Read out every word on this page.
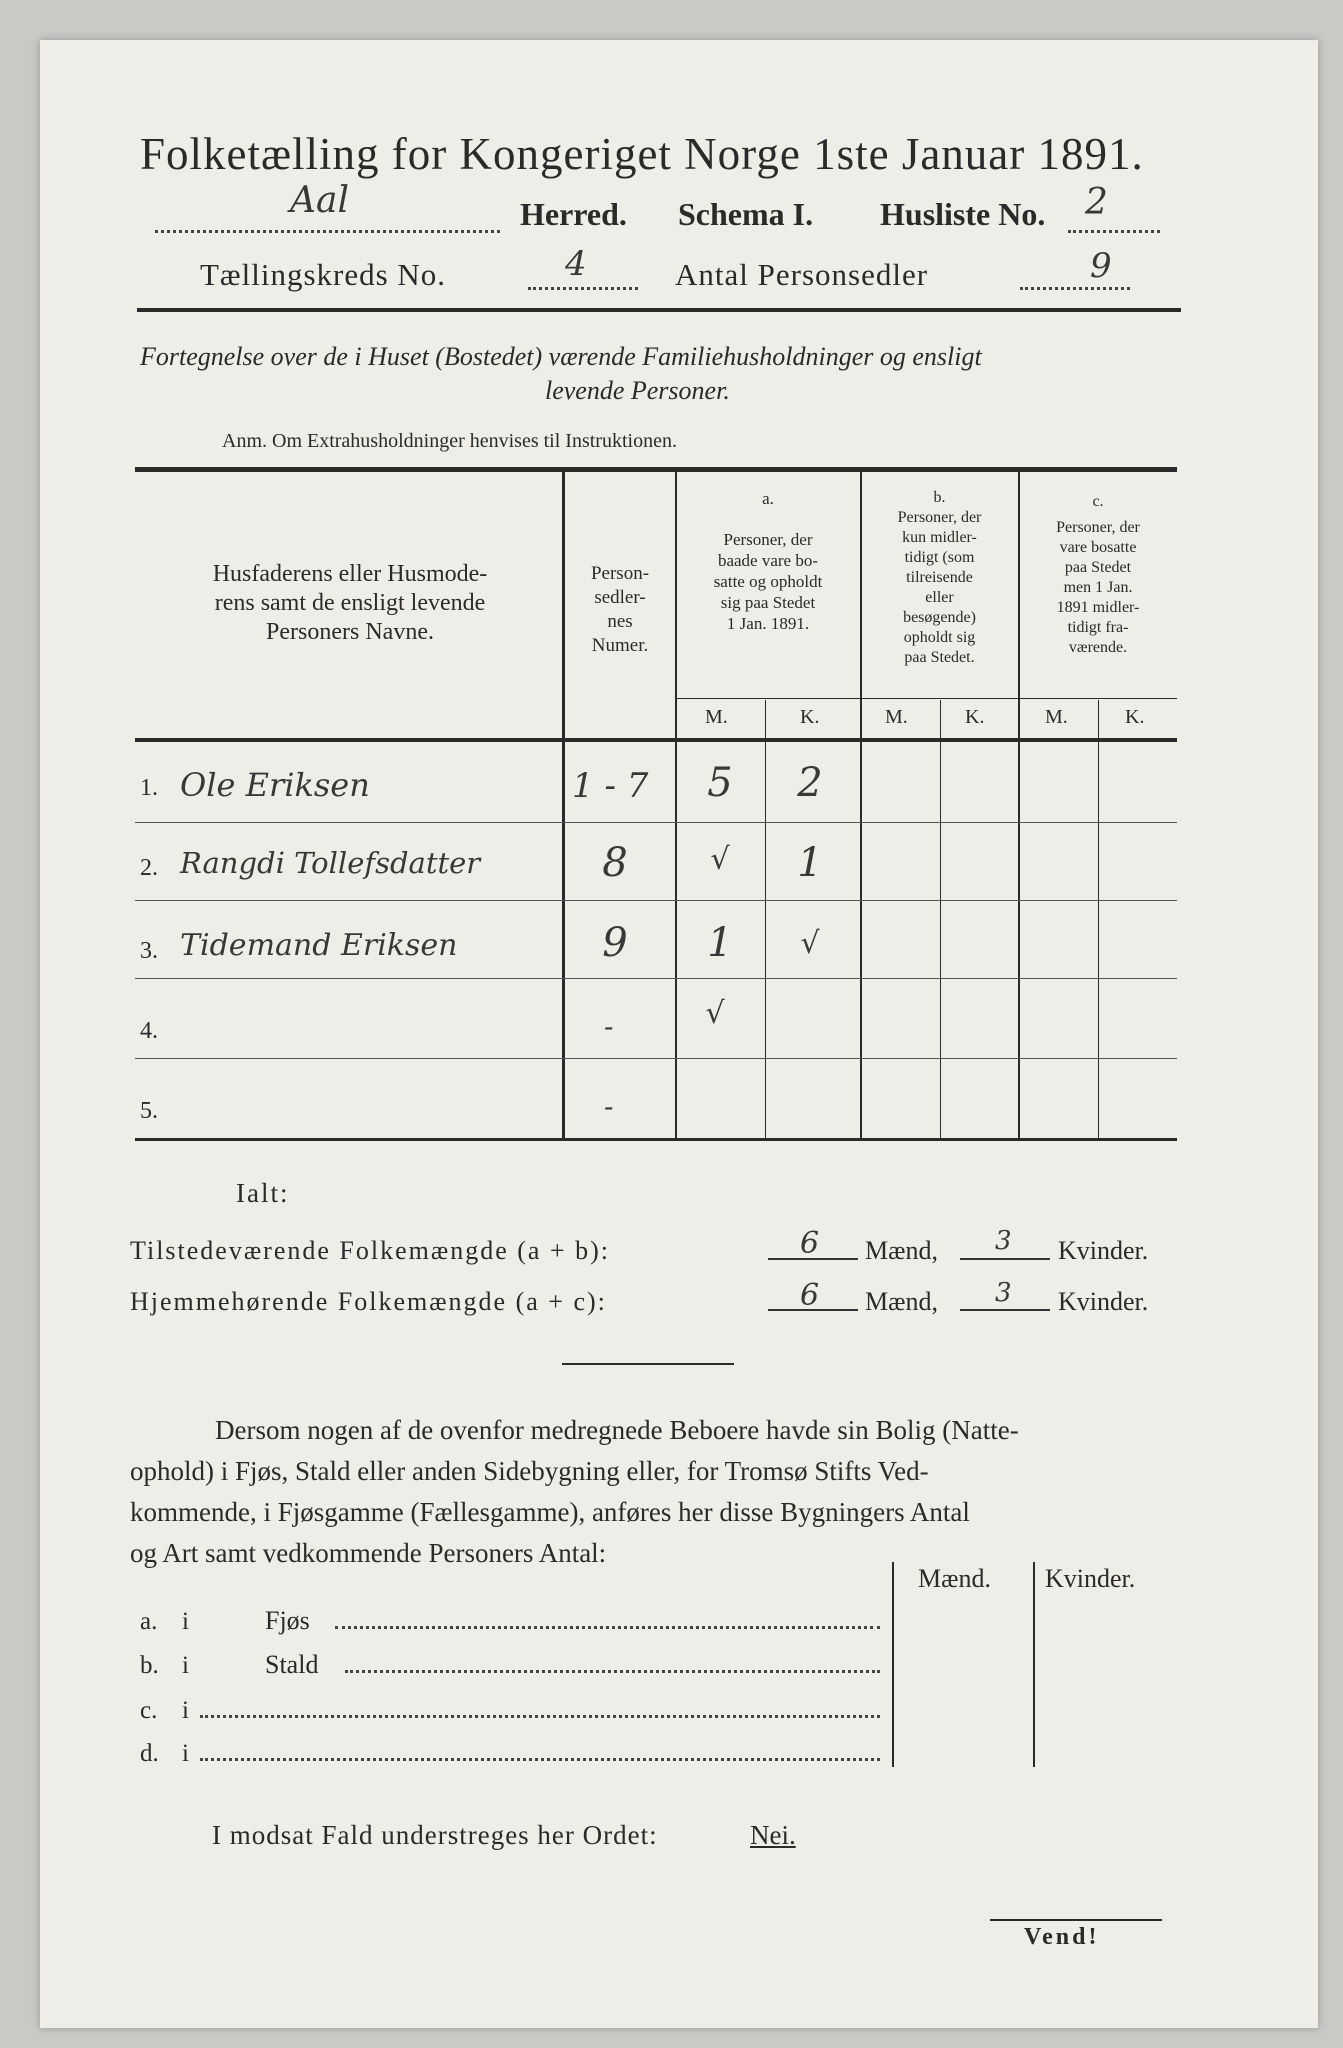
Folketælling for Kongeriget Norge 1ste Januar 1891.
Aal	Herred. Schema I. Husliste No. 2
Tællingskreds No.	4	Antal Personsedler	9
Fortegnelse over de i Huset (Bostedet) værende Familiehusholdninger og ensligt
levende Personer.
Anm. Om Extrahusholdninger henvises til Instruktionen.
Husfaderens eller Husmode-
rens samt de ensligt levende
Personers Navne.
Person-
sedler-
nes
Numer.
a.
Personer, der
baade vare bo-
satte og opholdt
sig paa Stedet
1 Jan. 1891.
b.
Personer, der
kun midler-
tidigt (som
tilreisende
eller
besøgende)
opholdt sig
paa Stedet.
c.
Personer, der
vare bosatte
paa Stedet
men 1 Jan.
1891 midler-
tidigt fra-
værende.
M.	K.	M.	K.	M.	K.
1. Ole Eriksen	1 - 7	5	2
2. Rangdi Tollefsdatter	8	√	1
3. Tidemand Eriksen	9	1	√
4.	-	√
5.	-
Ialt:
Tilstedeværende Folkemængde (a + b):	6 Mænd, 3 Kvinder.
Hjemmehørende Folkemængde (a + c):	6 Mænd, 3 Kvinder.
Dersom nogen af de ovenfor medregnede Beboere havde sin Bolig (Natte-
ophold) i Fjøs, Stald eller anden Sidebygning eller, for Tromsø Stifts Ved-
kommende, i Fjøsgamme (Fællesgamme), anføres her disse Bygningers Antal
og Art samt vedkommende Personers Antal:
Mænd. Kvinder.
a. i	Fjøs
b. i	Stald
c. i
d. i
I modsat Fald understreges her Ordet:	Nei.
Vend!
